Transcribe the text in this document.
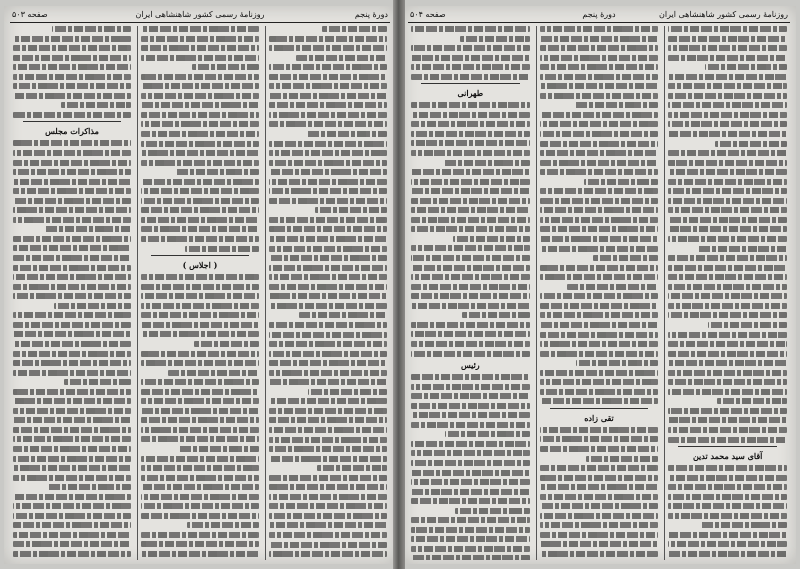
دورهٔ پنجم
روزنامهٔ رسمی کشور شاهنشاهی ایران
صفحه ۵۰۳
( اجلاس )
مذاکرات مجلس
روزنامهٔ رسمی کشور شاهنشاهی ایران
دورهٔ پنجم
صفحه ۵۰۴
آقای سید محمد تدین
تقی زاده
طهرانی
رئیس
